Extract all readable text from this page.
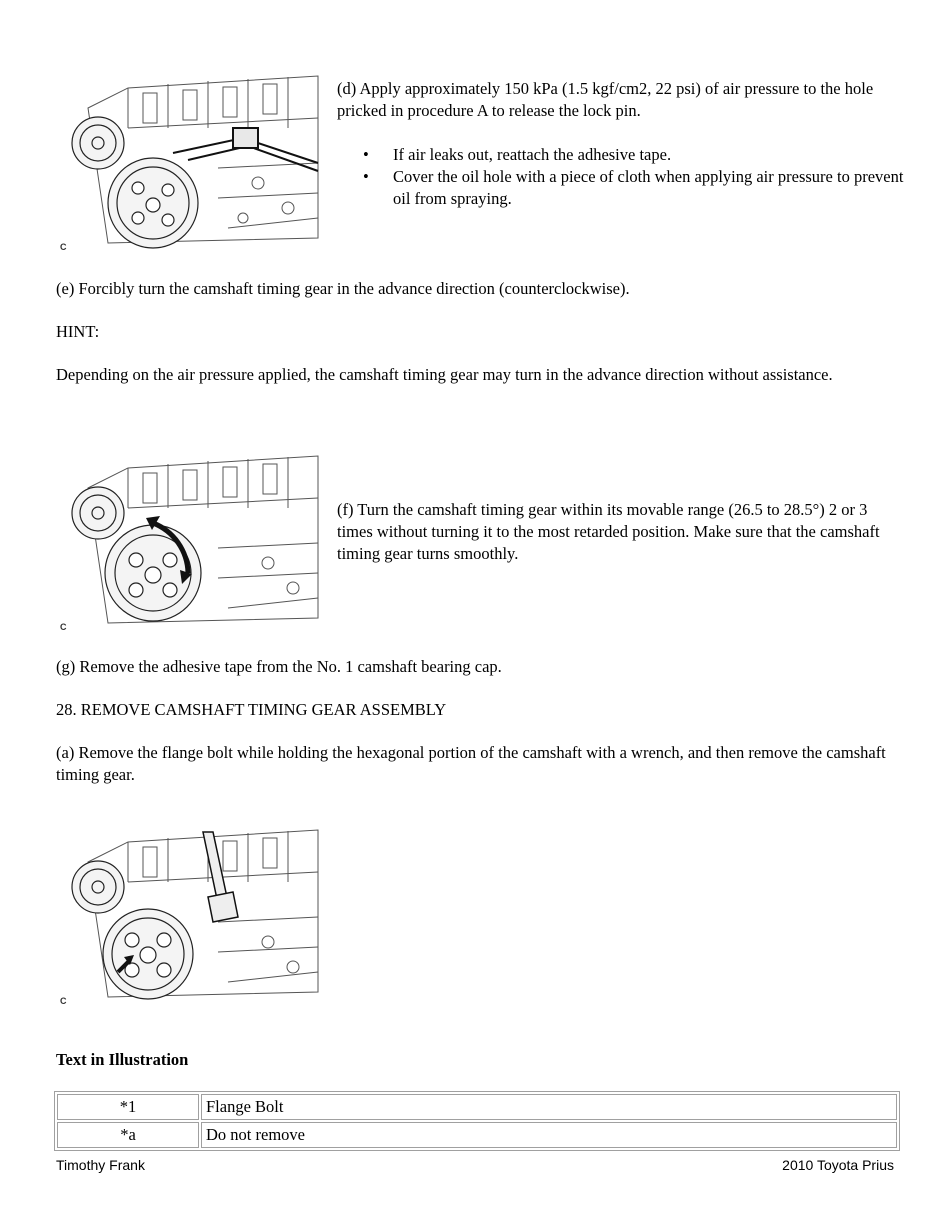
C

(d) Apply approximately 150 kPa (1.5 kgf/cm2, 22 psi) of air pressure to the hole pricked in procedure A to release the lock pin.

• If air leaks out, reattach the adhesive tape.
• Cover the oil hole with a piece of cloth when applying air pressure to prevent oil from spraying.

(e) Forcibly turn the camshaft timing gear in the advance direction (counterclockwise).

HINT:

Depending on the air pressure applied, the camshaft timing gear may turn in the advance direction without assistance.

C

(f) Turn the camshaft timing gear within its movable range (26.5 to 28.5°) 2 or 3 times without turning it to the most retarded position. Make sure that the camshaft timing gear turns smoothly.

(g) Remove the adhesive tape from the No. 1 camshaft bearing cap.

28. REMOVE CAMSHAFT TIMING GEAR ASSEMBLY

(a) Remove the flange bolt while holding the hexagonal portion of the camshaft with a wrench, and then remove the camshaft timing gear.

C

Text in Illustration

*1	Flange Bolt
*a	Do not remove
Timothy Frank	2010 Toyota Prius
